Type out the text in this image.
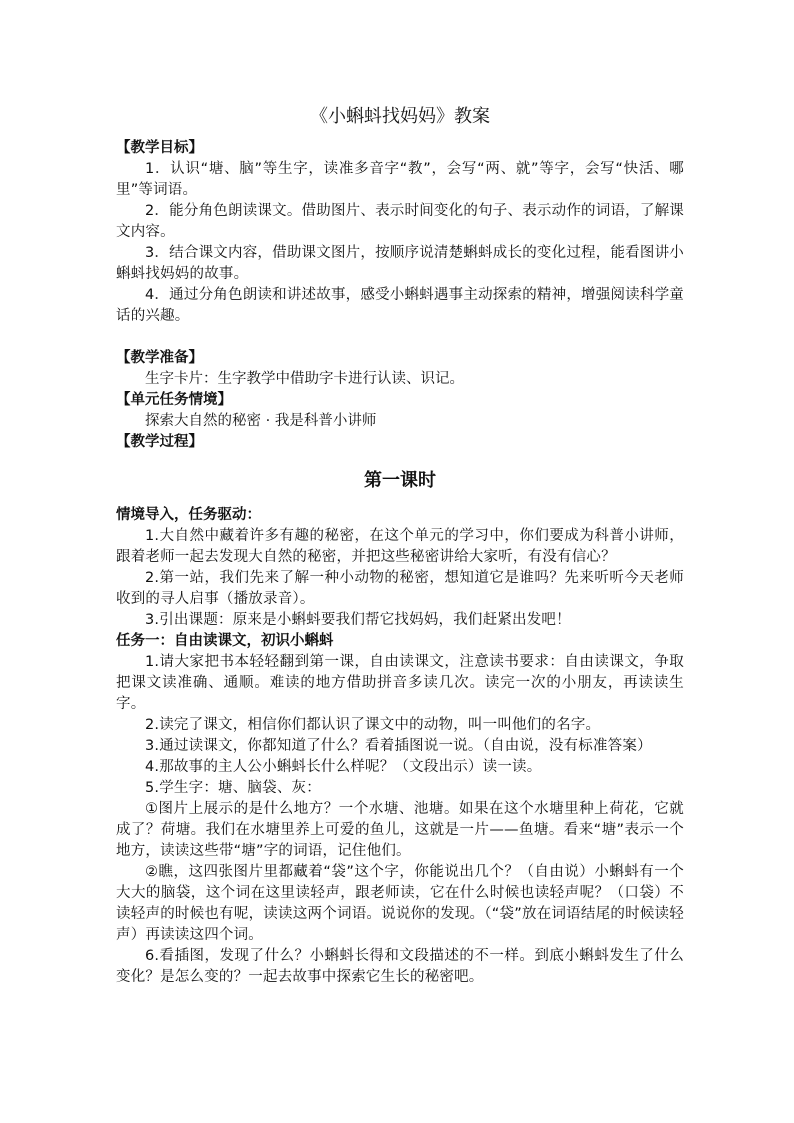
《小蝌蚪找妈妈》教案

【教学目标】

1．认识“塘、脑”等生字，读准多音字“教”，会写“两、就”等字，会写“快活、哪里”等词语。

2．能分角色朗读课文。借助图片、表示时间变化的句子、表示动作的词语，了解课文内容。

3．结合课文内容，借助课文图片，按顺序说清楚蝌蚪成长的变化过程，能看图讲小蝌蚪找妈妈的故事。

4．通过分角色朗读和讲述故事，感受小蝌蚪遇事主动探索的精神，增强阅读科学童话的兴趣。

【教学准备】

生字卡片：生字教学中借助字卡进行认读、识记。

【单元任务情境】

探索大自然的秘密 · 我是科普小讲师

【教学过程】

第一课时

情境导入，任务驱动：

1.大自然中藏着许多有趣的秘密，在这个单元的学习中，你们要成为科普小讲师，跟着老师一起去发现大自然的秘密，并把这些秘密讲给大家听，有没有信心？

2.第一站，我们先来了解一种小动物的秘密，想知道它是谁吗？先来听听今天老师收到的寻人启事（播放录音）。

3.引出课题：原来是小蝌蚪要我们帮它找妈妈，我们赶紧出发吧！

任务一：自由读课文，初识小蝌蚪

1.请大家把书本轻轻翻到第一课，自由读课文，注意读书要求：自由读课文，争取把课文读准确、通顺。难读的地方借助拼音多读几次。读完一次的小朋友，再读读生字。

2.读完了课文，相信你们都认识了课文中的动物，叫一叫他们的名字。

3.通过读课文，你都知道了什么？看着插图说一说。（自由说，没有标准答案）

4.那故事的主人公小蝌蚪长什么样呢？（文段出示）读一读。

5.学生字：塘、脑袋、灰：

①图片上展示的是什么地方？一个水塘、池塘。如果在这个水塘里种上荷花，它就成了？荷塘。我们在水塘里养上可爱的鱼儿，这就是一片——鱼塘。看来“塘”表示一个地方，读读这些带“塘”字的词语，记住他们。

②瞧，这四张图片里都藏着“袋”这个字，你能说出几个？（自由说）小蝌蚪有一个大大的脑袋，这个词在这里读轻声，跟老师读，它在什么时候也读轻声呢？（口袋）不读轻声的时候也有呢，读读这两个词语。说说你的发现。（“袋”放在词语结尾的时候读轻声）再读读这四个词。

6.看插图，发现了什么？小蝌蚪长得和文段描述的不一样。到底小蝌蚪发生了什么变化？是怎么变的？一起去故事中探索它生长的秘密吧。
